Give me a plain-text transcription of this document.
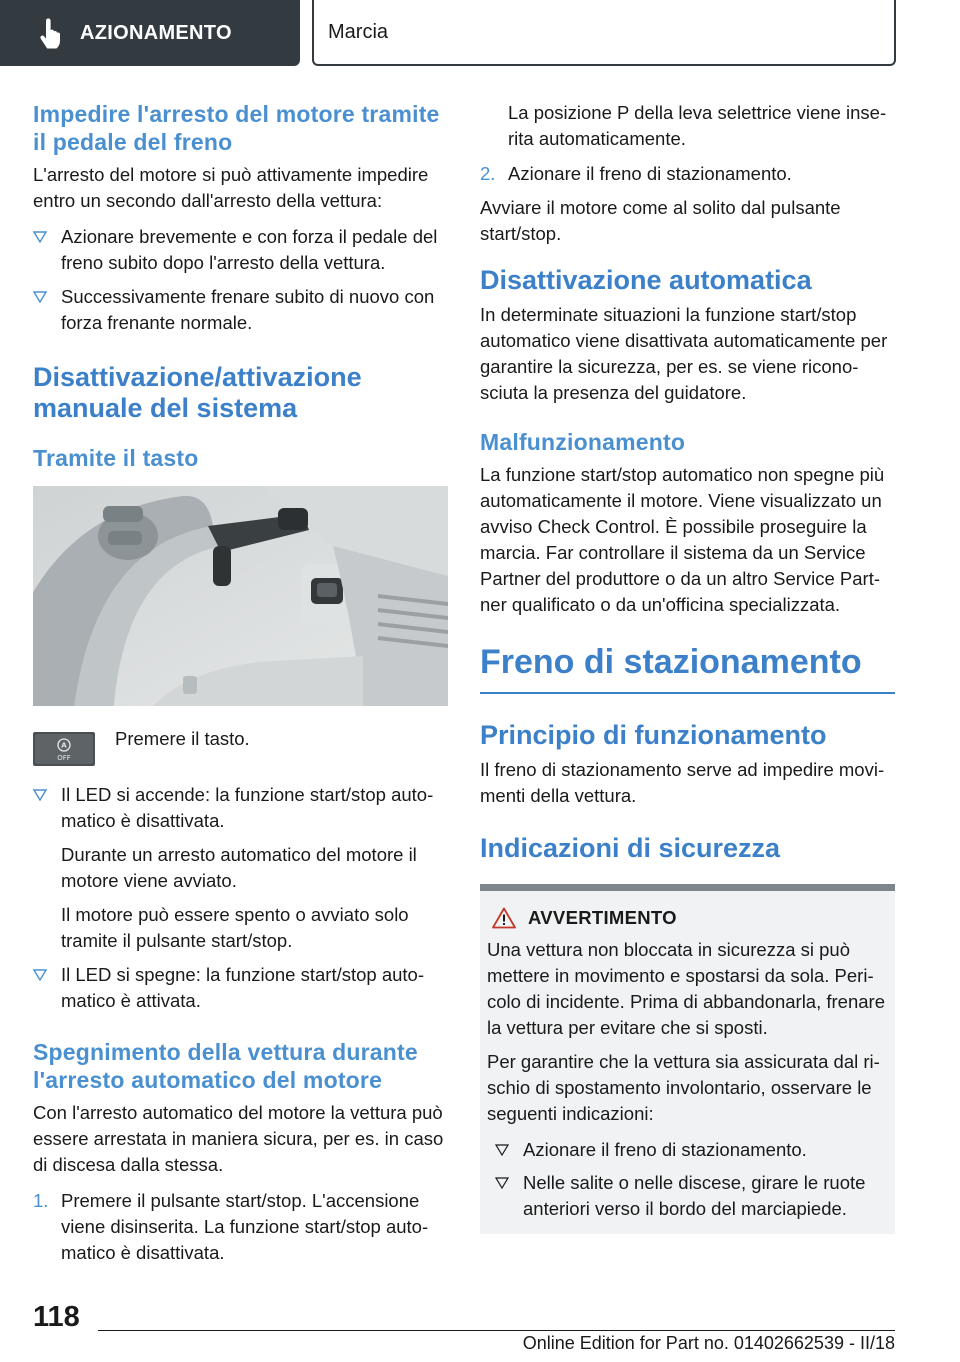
AZIONAMENTO	Marcia
Impedire l'arresto del motore tramite il pedale del freno
L'arresto del motore si può attivamente impedire entro un secondo dall'arresto della vettura:
Azionare brevemente e con forza il pedale del freno subito dopo l'arresto della vettura.
Successivamente frenare subito di nuovo con forza frenante normale.
Disattivazione/attivazione manuale del sistema
Tramite il tasto
A
OFF
Premere il tasto.
Il LED si accende: la funzione start/stop automatico è disattivata.
Durante un arresto automatico del motore il motore viene avviato.
Il motore può essere spento o avviato solo tramite il pulsante start/stop.
Il LED si spegne: la funzione start/stop automatico è attivata.
Spegnimento della vettura durante l'arresto automatico del motore
Con l'arresto automatico del motore la vettura può essere arrestata in maniera sicura, per es. in caso di discesa dalla stessa.
1. Premere il pulsante start/stop. L'accensione viene disinserita. La funzione start/stop automatico è disattivata.
La posizione P della leva selettrice viene inserita automaticamente.
2. Azionare il freno di stazionamento.
Avviare il motore come al solito dal pulsante start/stop.
Disattivazione automatica
In determinate situazioni la funzione start/stop automatico viene disattivata automaticamente per garantire la sicurezza, per es. se viene riconosciuta la presenza del guidatore.
Malfunzionamento
La funzione start/stop automatico non spegne più automaticamente il motore. Viene visualizzato un avviso Check Control. È possibile proseguire la marcia. Far controllare il sistema da un Service Partner del produttore o da un altro Service Partner qualificato o da un'officina specializzata.
Freno di stazionamento
Principio di funzionamento
Il freno di stazionamento serve ad impedire movimenti della vettura.
Indicazioni di sicurezza
AVVERTIMENTO
Una vettura non bloccata in sicurezza si può mettere in movimento e spostarsi da sola. Pericolo di incidente. Prima di abbandonarla, frenare la vettura per evitare che si sposti.
Per garantire che la vettura sia assicurata dal rischio di spostamento involontario, osservare le seguenti indicazioni:
Azionare il freno di stazionamento.
Nelle salite o nelle discese, girare le ruote anteriori verso il bordo del marciapiede.
118
Online Edition for Part no. 01402662539 - II/18
